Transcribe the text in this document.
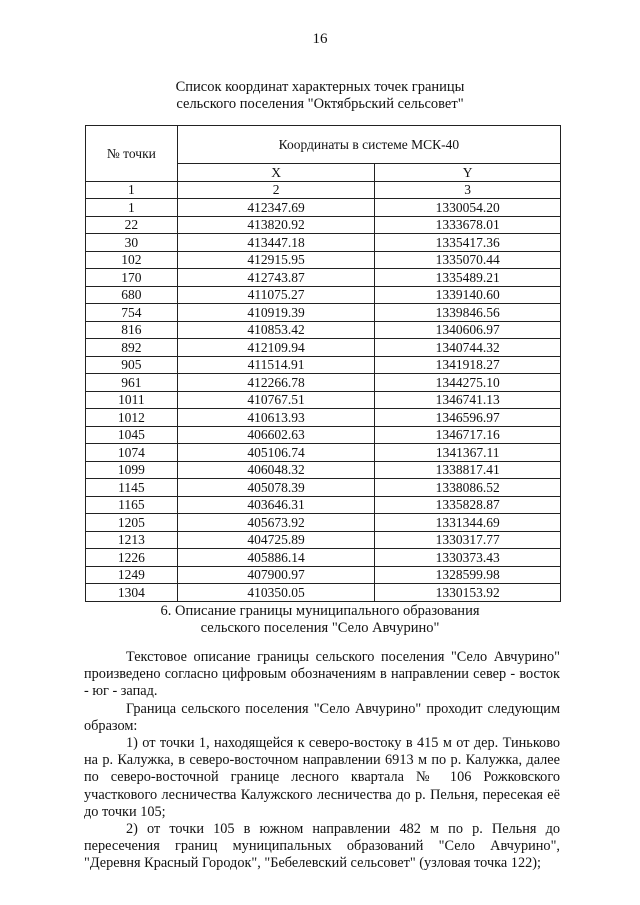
16
Список координат характерных точек границы
сельского поселения "Октябрьский сельсовет"
№ точки	Координаты в системе МСК-40	
	X	Y
1	2	3
1	412347.69	1330054.20
22	413820.92	1333678.01
30	413447.18	1335417.36
102	412915.95	1335070.44
170	412743.87	1335489.21
680	411075.27	1339140.60
754	410919.39	1339846.56
816	410853.42	1340606.97
892	412109.94	1340744.32
905	411514.91	1341918.27
961	412266.78	1344275.10
1011	410767.51	1346741.13
1012	410613.93	1346596.97
1045	406602.63	1346717.16
1074	405106.74	1341367.11
1099	406048.32	1338817.41
1145	405078.39	1338086.52
1165	403646.31	1335828.87
1205	405673.92	1331344.69
1213	404725.89	1330317.77
1226	405886.14	1330373.43
1249	407900.97	1328599.98
1304	410350.05	1330153.92
6. Описание границы муниципального образования
сельского поселения "Село Авчурино"

Текстовое описание границы сельского поселения "Село Авчурино" произведено согласно цифровым обозначениям в направлении север - восток - юг - запад.

Граница сельского поселения "Село Авчурино" проходит следующим образом:

1) от точки 1, находящейся к северо-востоку в 415 м от дер. Тиньково на р. Калужка, в северо-восточном направлении 6913 м по р. Калужка, далее по северо-восточной границе лесного квартала № 106 Рожковского участкового лесничества Калужского лесничества до р. Пельня, пересекая её до точки 105;

2) от точки 105 в южном направлении 482 м по р. Пельня до пересечения границ муниципальных образований "Село Авчурино", "Деревня Красный Городок", "Бебелевский сельсовет" (узловая точка 122);
